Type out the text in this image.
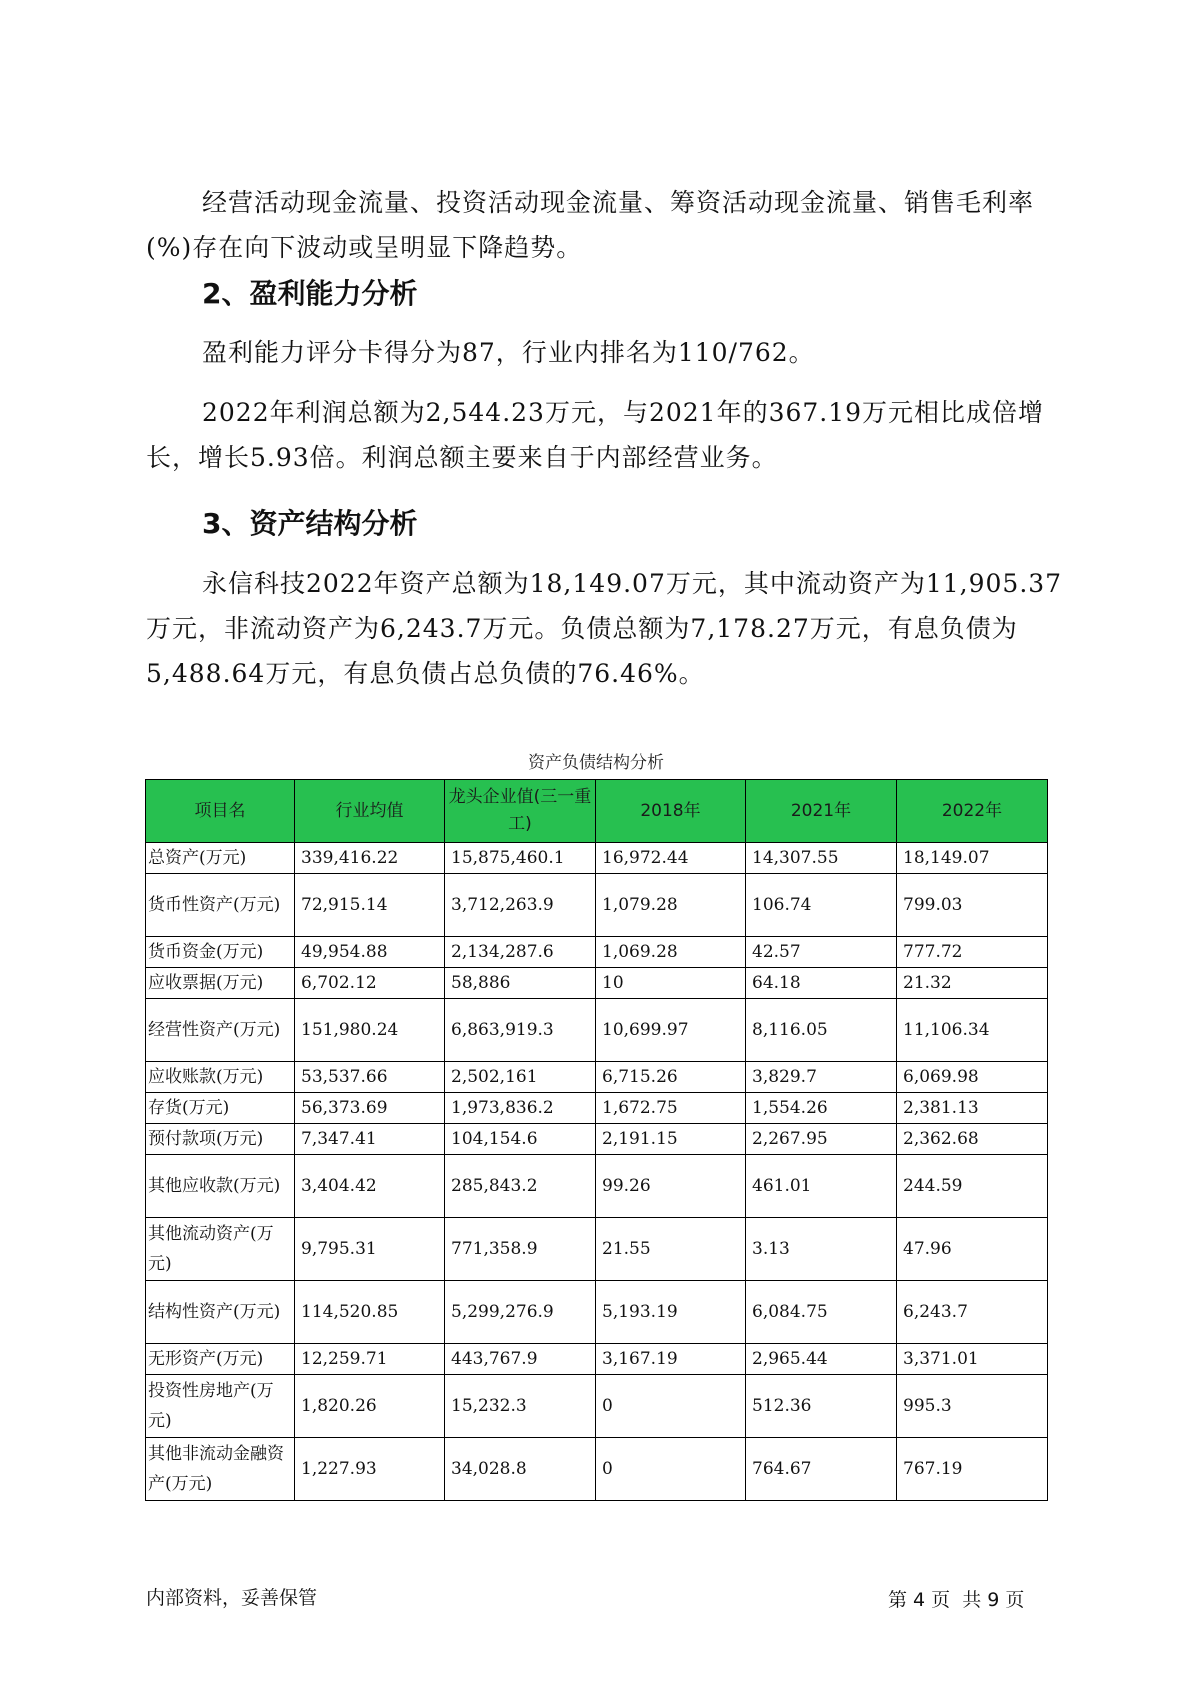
经营活动现金流量、投资活动现金流量、筹资活动现金流量、销售毛利率(%)存在向下波动或呈明显下降趋势。

2、盈利能力分析

盈利能力评分卡得分为87，行业内排名为110/762。

2022年利润总额为2,544.23万元，与2021年的367.19万元相比成倍增长，增长5.93倍。利润总额主要来自于内部经营业务。

3、资产结构分析

永信科技2022年资产总额为18,149.07万元，其中流动资产为11,905.37万元，非流动资产为6,243.7万元。负债总额为7,178.27万元，有息负债为5,488.64万元，有息负债占总负债的76.46%。

资产负债结构分析
项目名	行业均值	龙头企业值(三一重工)	2018年	2021年	2022年
总资产(万元)	339,416.22	15,875,460.1	16,972.44	14,307.55	18,149.07
货币性资产(万元)	72,915.14	3,712,263.9	1,079.28	106.74	799.03
货币资金(万元)	49,954.88	2,134,287.6	1,069.28	42.57	777.72
应收票据(万元)	6,702.12	58,886	10	64.18	21.32
经营性资产(万元)	151,980.24	6,863,919.3	10,699.97	8,116.05	11,106.34
应收账款(万元)	53,537.66	2,502,161	6,715.26	3,829.7	6,069.98
存货(万元)	56,373.69	1,973,836.2	1,672.75	1,554.26	2,381.13
预付款项(万元)	7,347.41	104,154.6	2,191.15	2,267.95	2,362.68
其他应收款(万元)	3,404.42	285,843.2	99.26	461.01	244.59
其他流动资产(万元)	9,795.31	771,358.9	21.55	3.13	47.96
结构性资产(万元)	114,520.85	5,299,276.9	5,193.19	6,084.75	6,243.7
无形资产(万元)	12,259.71	443,767.9	3,167.19	2,965.44	3,371.01
投资性房地产(万元)	1,820.26	15,232.3	0	512.36	995.3
其他非流动金融资产(万元)	1,227.93	34,028.8	0	764.67	767.19
内部资料，妥善保管	第 4 页  共 9 页
